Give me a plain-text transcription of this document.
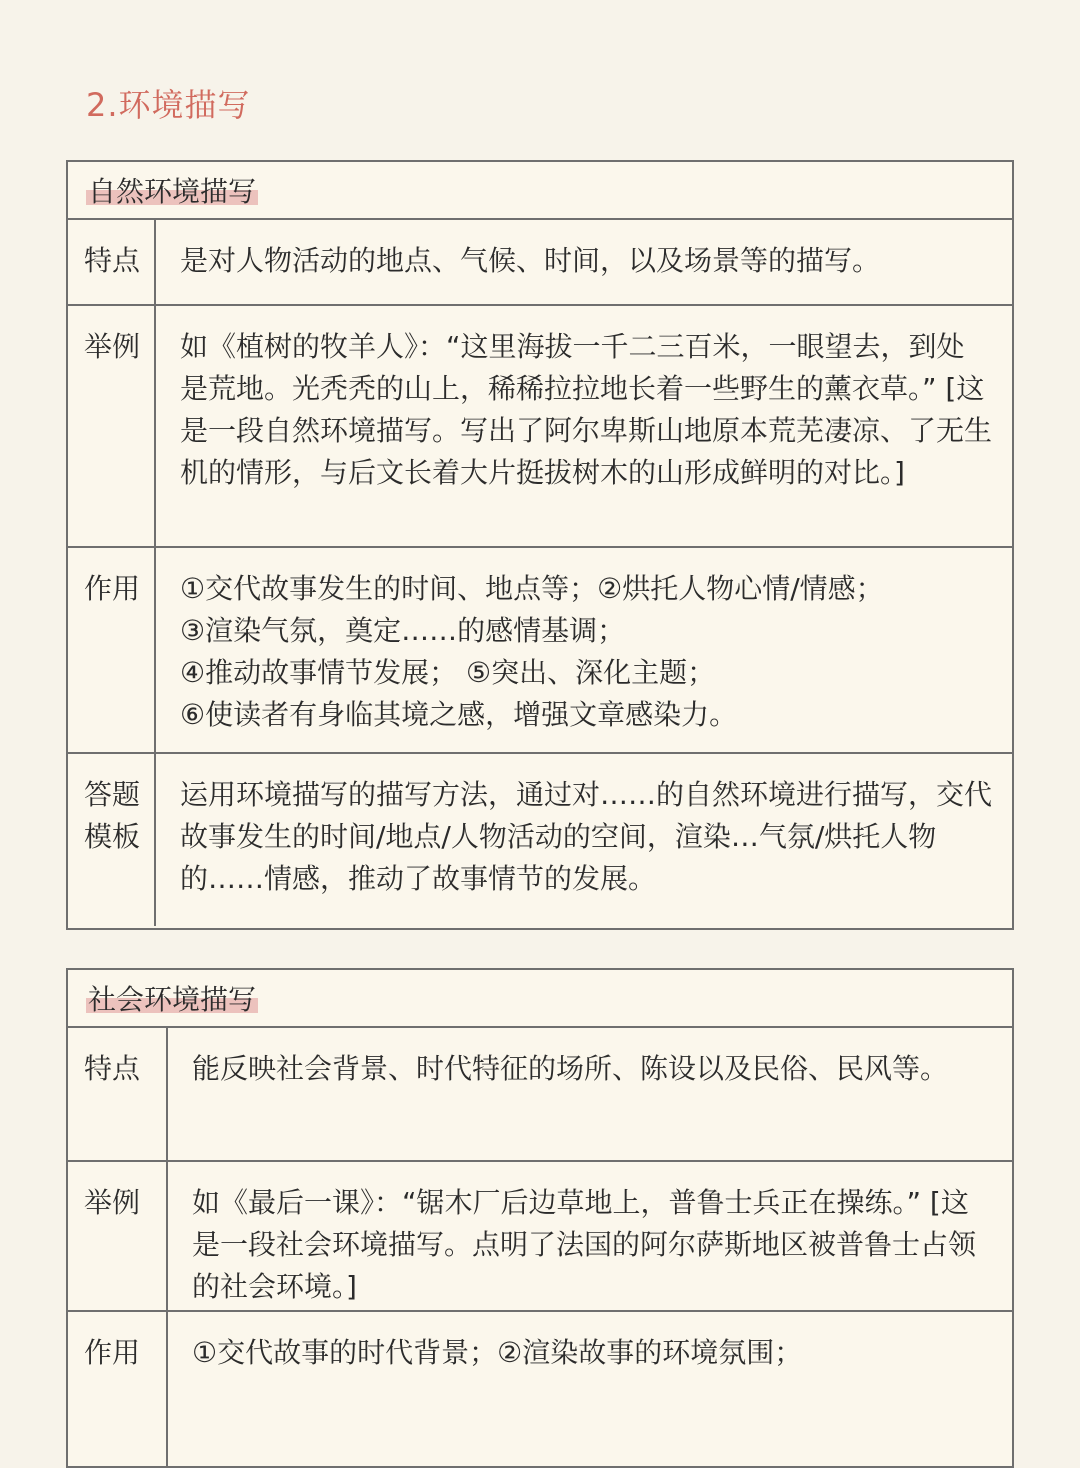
2.环境描写
自然环境描写
特点	是对人物活动的地点、气候、时间，以及场景等的描写。
举例	如《植树的牧羊人》：“这里海拔一千二三百米，一眼望去，到处是荒地。光秃秃的山上，稀稀拉拉地长着一些野生的薰衣草。” [这是一段自然环境描写。写出了阿尔卑斯山地原本荒芜凄凉、了无生机的情形，与后文长着大片挺拔树木的山形成鲜明的对比。]
作用	①交代故事发生的时间、地点等；②烘托人物心情/情感；

③渲染气氛，奠定……的感情基调；

④推动故事情节发展； ⑤突出、深化主题；

⑥使读者有身临其境之感，增强文章感染力。

答题模板
运用环境描写的描写方法，通过对……的自然环境进行描写，交代故事发生的时间/地点/人物活动的空间，渲染…气氛/烘托人物的……情感，推动了故事情节的发展。
社会环境描写
特点	能反映社会背景、时代特征的场所、陈设以及民俗、民风等。
举例	如《最后一课》：“锯木厂后边草地上，普鲁士兵正在操练。” [这是一段社会环境描写。点明了法国的阿尔萨斯地区被普鲁士占领的社会环境。]
作用	①交代故事的时代背景；②渲染故事的环境氛围；
